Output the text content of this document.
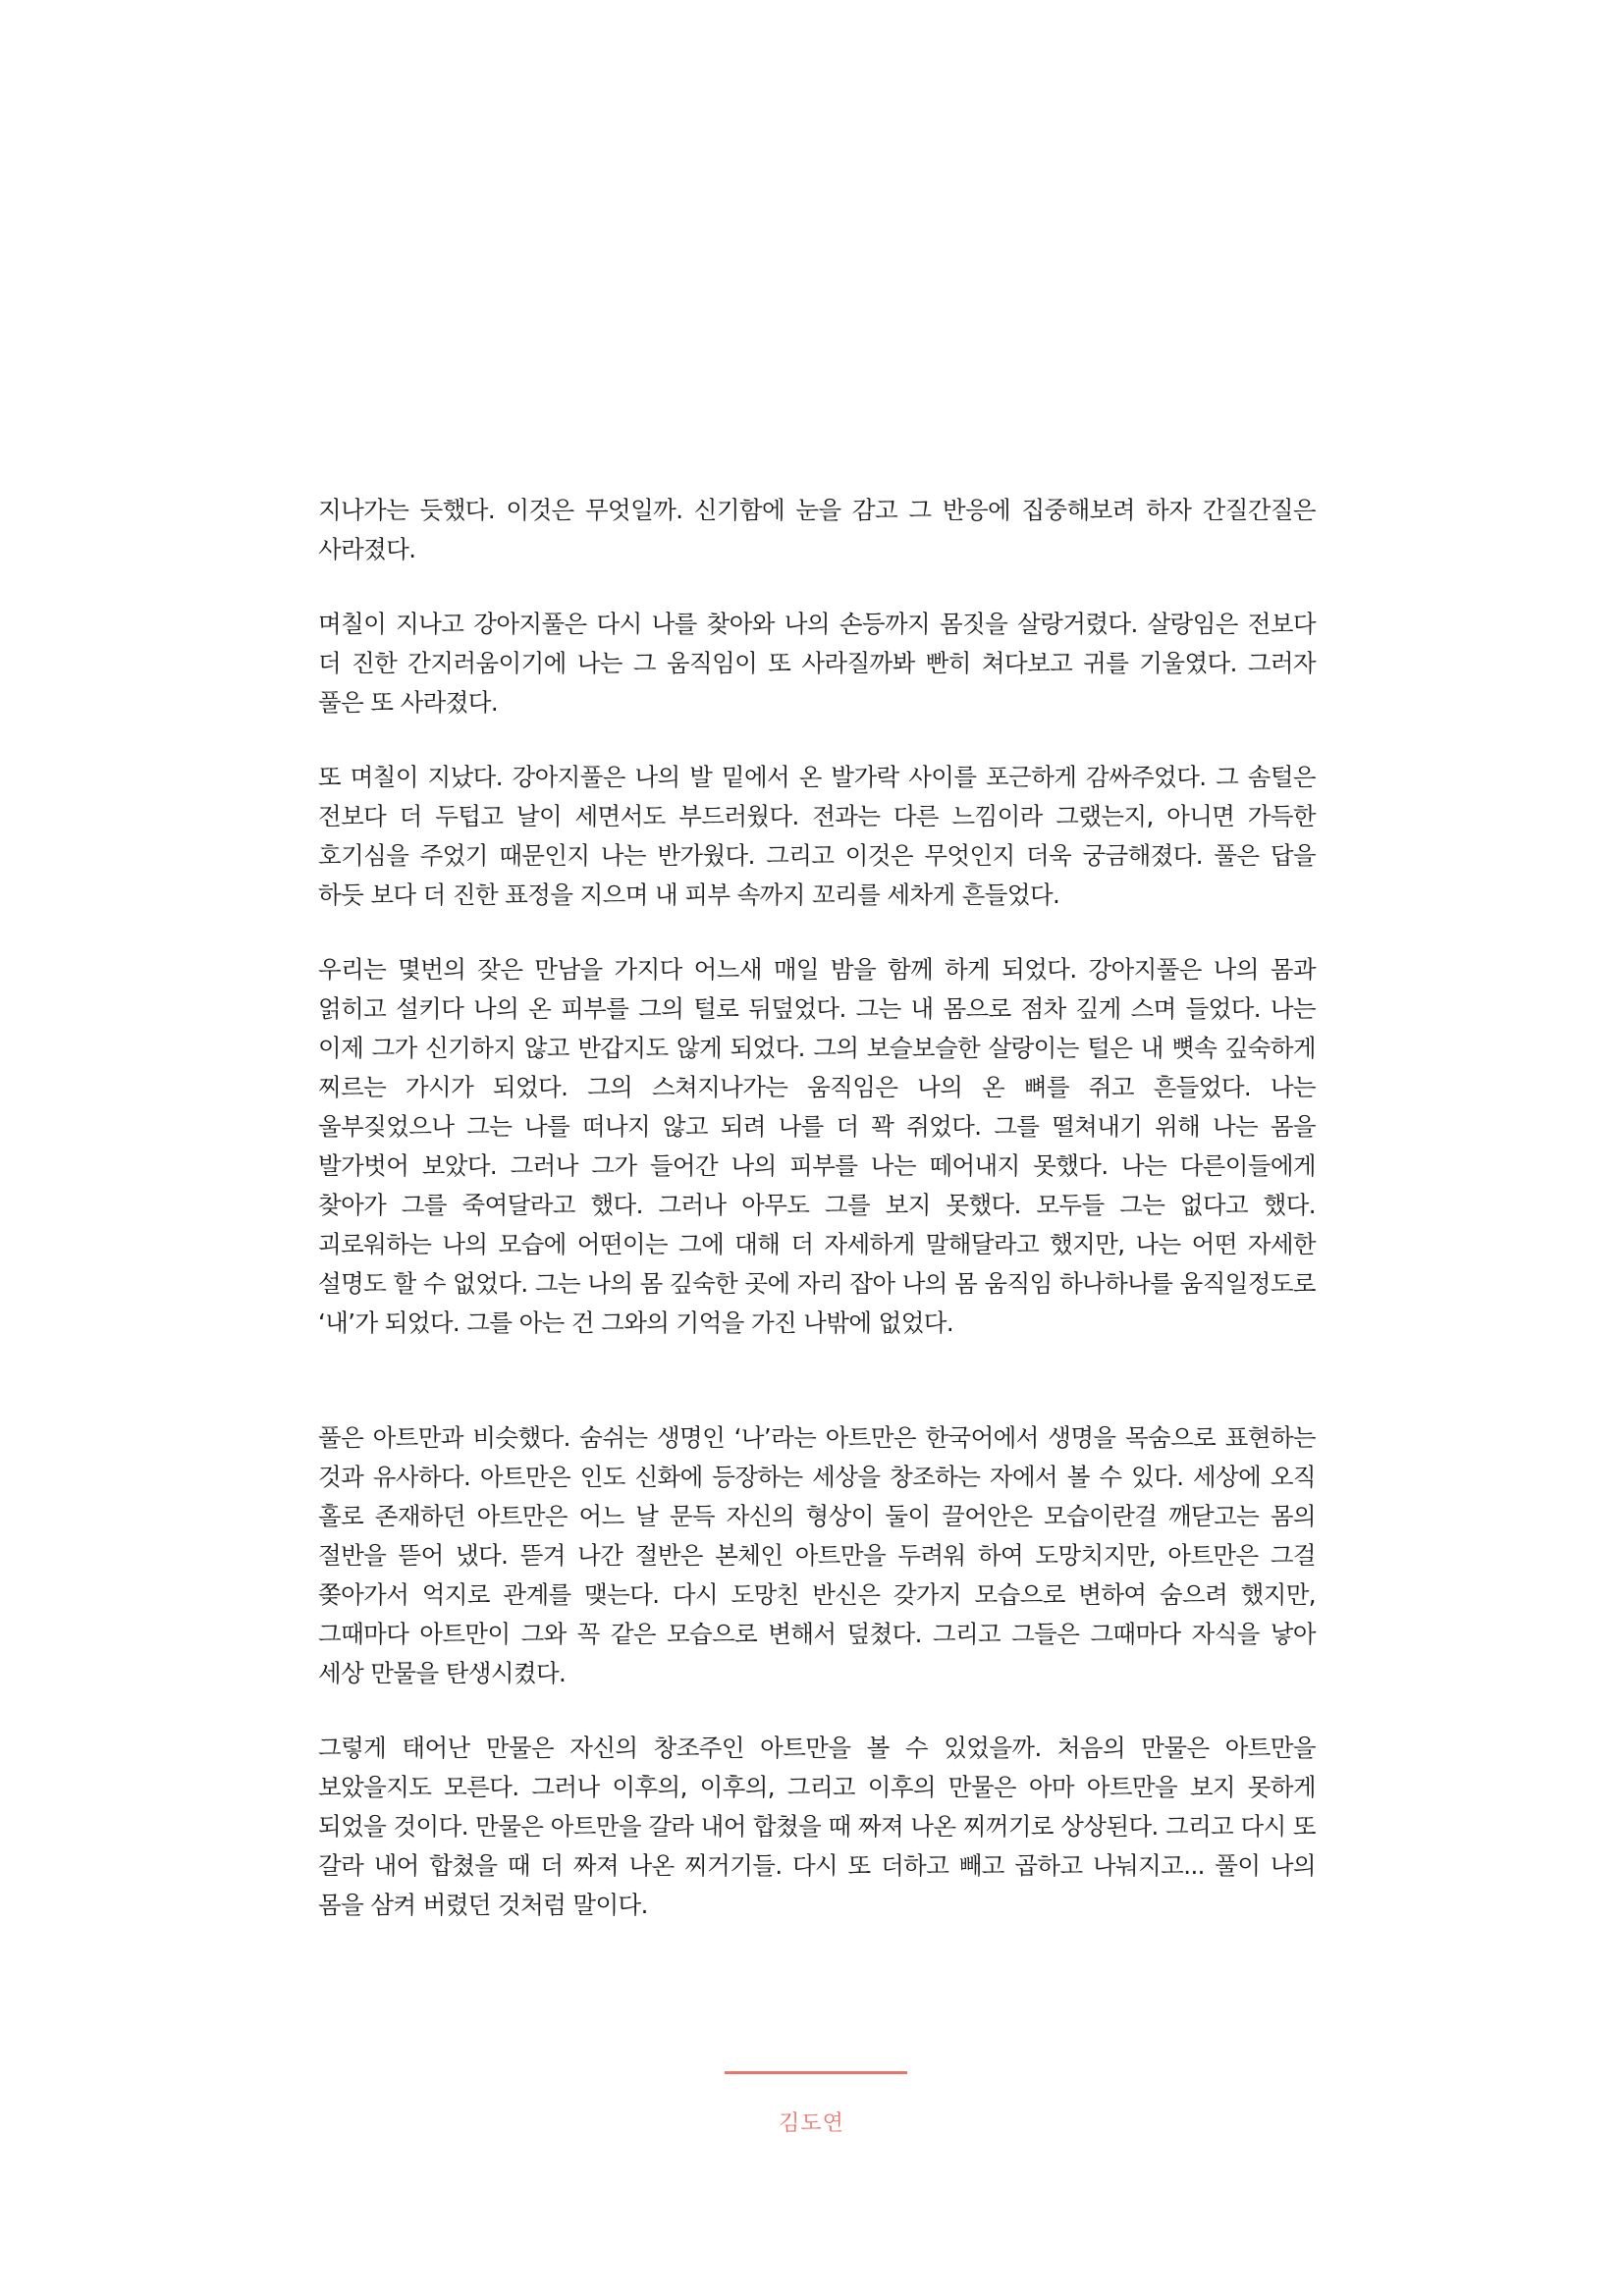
지나가는 듯했다. 이것은 무엇일까. 신기함에 눈을 감고 그 반응에 집중해보려 하자 간질간질은 사라졌다.

며칠이 지나고 강아지풀은 다시 나를 찾아와 나의 손등까지 몸짓을 살랑거렸다. 살랑임은 전보다 더 진한 간지러움이기에 나는 그 움직임이 또 사라질까봐 빤히 쳐다보고 귀를 기울였다. 그러자 풀은 또 사라졌다.

또 며칠이 지났다. 강아지풀은 나의 발 밑에서 온 발가락 사이를 포근하게 감싸주었다. 그 솜털은 전보다 더 두텁고 날이 세면서도 부드러웠다. 전과는 다른 느낌이라 그랬는지, 아니면 가득한 호기심을 주었기 때문인지 나는 반가웠다. 그리고 이것은 무엇인지 더욱 궁금해졌다. 풀은 답을 하듯 보다 더 진한 표정을 지으며 내 피부 속까지 꼬리를 세차게 흔들었다.

우리는 몇번의 잦은 만남을 가지다 어느새 매일 밤을 함께 하게 되었다. 강아지풀은 나의 몸과 얽히고 설키다 나의 온 피부를 그의 털로 뒤덮었다. 그는 내 몸으로 점차 깊게 스며 들었다. 나는 이제 그가 신기하지 않고 반갑지도 않게 되었다. 그의 보슬보슬한 살랑이는 털은 내 뼛속 깊숙하게 찌르는 가시가 되었다. 그의 스쳐지나가는 움직임은 나의 온 뼈를 쥐고 흔들었다. 나는 울부짖었으나 그는 나를 떠나지 않고 되려 나를 더 꽉 쥐었다. 그를 떨쳐내기 위해 나는 몸을 발가벗어 보았다. 그러나 그가 들어간 나의 피부를 나는 떼어내지 못했다. 나는 다른이들에게 찾아가 그를 죽여달라고 했다. 그러나 아무도 그를 보지 못했다. 모두들 그는 없다고 했다. 괴로워하는 나의 모습에 어떤이는 그에 대해 더 자세하게 말해달라고 했지만, 나는 어떤 자세한 설명도 할 수 없었다. 그는 나의 몸 깊숙한 곳에 자리 잡아 나의 몸 움직임 하나하나를 움직일정도로 ‘내’가 되었다. 그를 아는 건 그와의 기억을 가진 나밖에 없었다.

풀은 아트만과 비슷했다. 숨쉬는 생명인 ‘나’라는 아트만은 한국어에서 생명을 목숨으로 표현하는 것과 유사하다. 아트만은 인도 신화에 등장하는 세상을 창조하는 자에서 볼 수 있다. 세상에 오직 홀로 존재하던 아트만은 어느 날 문득 자신의 형상이 둘이 끌어안은 모습이란걸 깨닫고는 몸의 절반을 뜯어 냈다. 뜯겨 나간 절반은 본체인 아트만을 두려워 하여 도망치지만, 아트만은 그걸 쫒아가서 억지로 관계를 맺는다. 다시 도망친 반신은 갖가지 모습으로 변하여 숨으려 했지만, 그때마다 아트만이 그와 꼭 같은 모습으로 변해서 덮쳤다. 그리고 그들은 그때마다 자식을 낳아 세상 만물을 탄생시켰다.

그렇게 태어난 만물은 자신의 창조주인 아트만을 볼 수 있었을까. 처음의 만물은 아트만을 보았을지도 모른다. 그러나 이후의, 이후의, 그리고 이후의 만물은 아마 아트만을 보지 못하게 되었을 것이다. 만물은 아트만을 갈라 내어 합쳤을 때 짜져 나온 찌꺼기로 상상된다. 그리고 다시 또 갈라 내어 합쳤을 때 더 짜져 나온 찌거기들. 다시 또 더하고 빼고 곱하고 나눠지고... 풀이 나의 몸을 삼켜 버렸던 것처럼 말이다.

김도연
